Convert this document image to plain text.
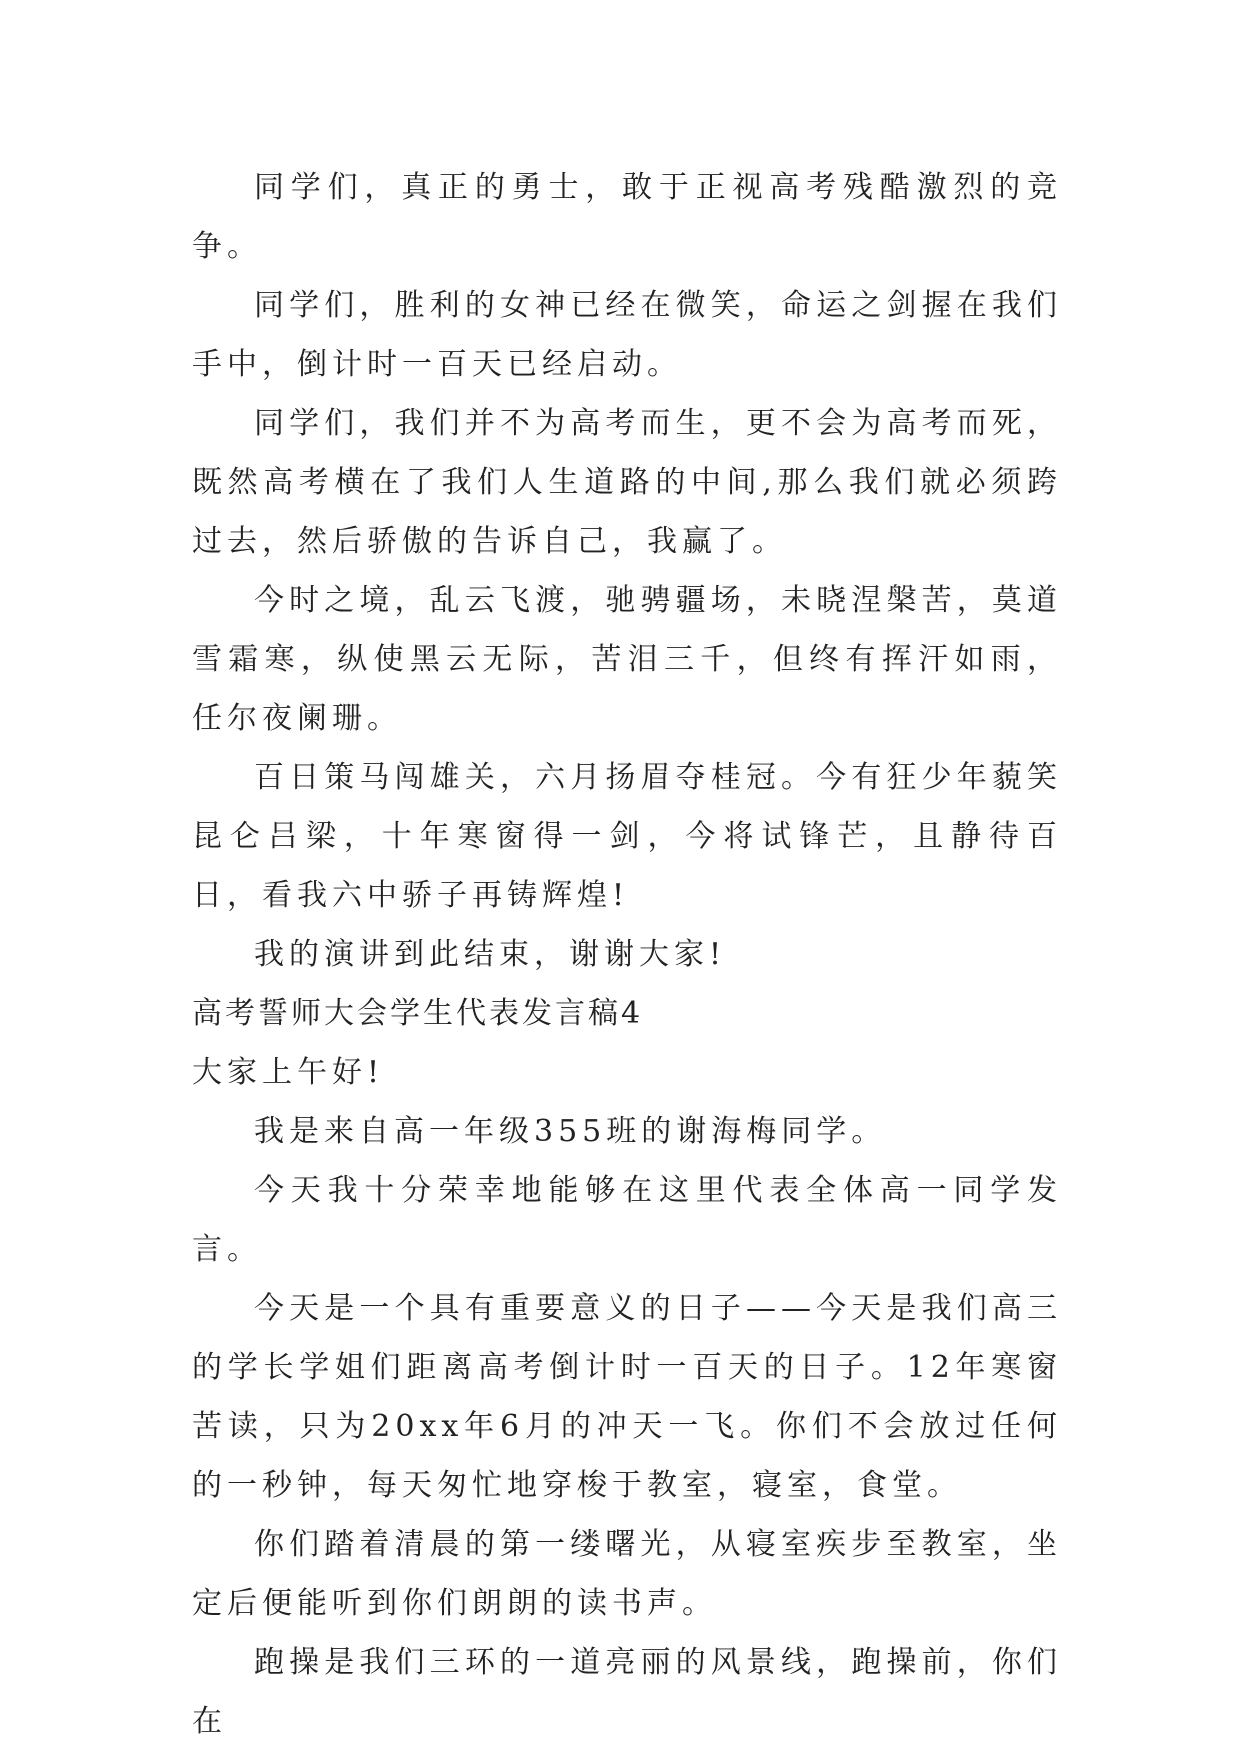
同学们，真正的勇士，敢于正视高考残酷激烈的竞争。

同学们，胜利的女神已经在微笑，命运之剑握在我们手中，倒计时一百天已经启动。

同学们，我们并不为高考而生，更不会为高考而死，既然高考横在了我们人生道路的中间,那么我们就必须跨过去，然后骄傲的告诉自己，我赢了。

今时之境，乱云飞渡，驰骋疆场，未晓涅槃苦，莫道雪霜寒，纵使黑云无际，苦泪三千，但终有挥汗如雨，任尔夜阑珊。

百日策马闯雄关，六月扬眉夺桂冠。今有狂少年藐笑昆仑吕梁，十年寒窗得一剑，今将试锋芒，且静待百日，看我六中骄子再铸辉煌!

我的演讲到此结束，谢谢大家!

高考誓师大会学生代表发言稿4

大家上午好!

我是来自高一年级355班的谢海梅同学。

今天我十分荣幸地能够在这里代表全体高一同学发言。

今天是一个具有重要意义的日子——今天是我们高三的学长学姐们距离高考倒计时一百天的日子。12年寒窗苦读，只为20xx年6月的冲天一飞。你们不会放过任何的一秒钟，每天匆忙地穿梭于教室，寝室，食堂。

你们踏着清晨的第一缕曙光，从寝室疾步至教室，坐定后便能听到你们朗朗的读书声。

跑操是我们三环的一道亮丽的风景线，跑操前，你们在
